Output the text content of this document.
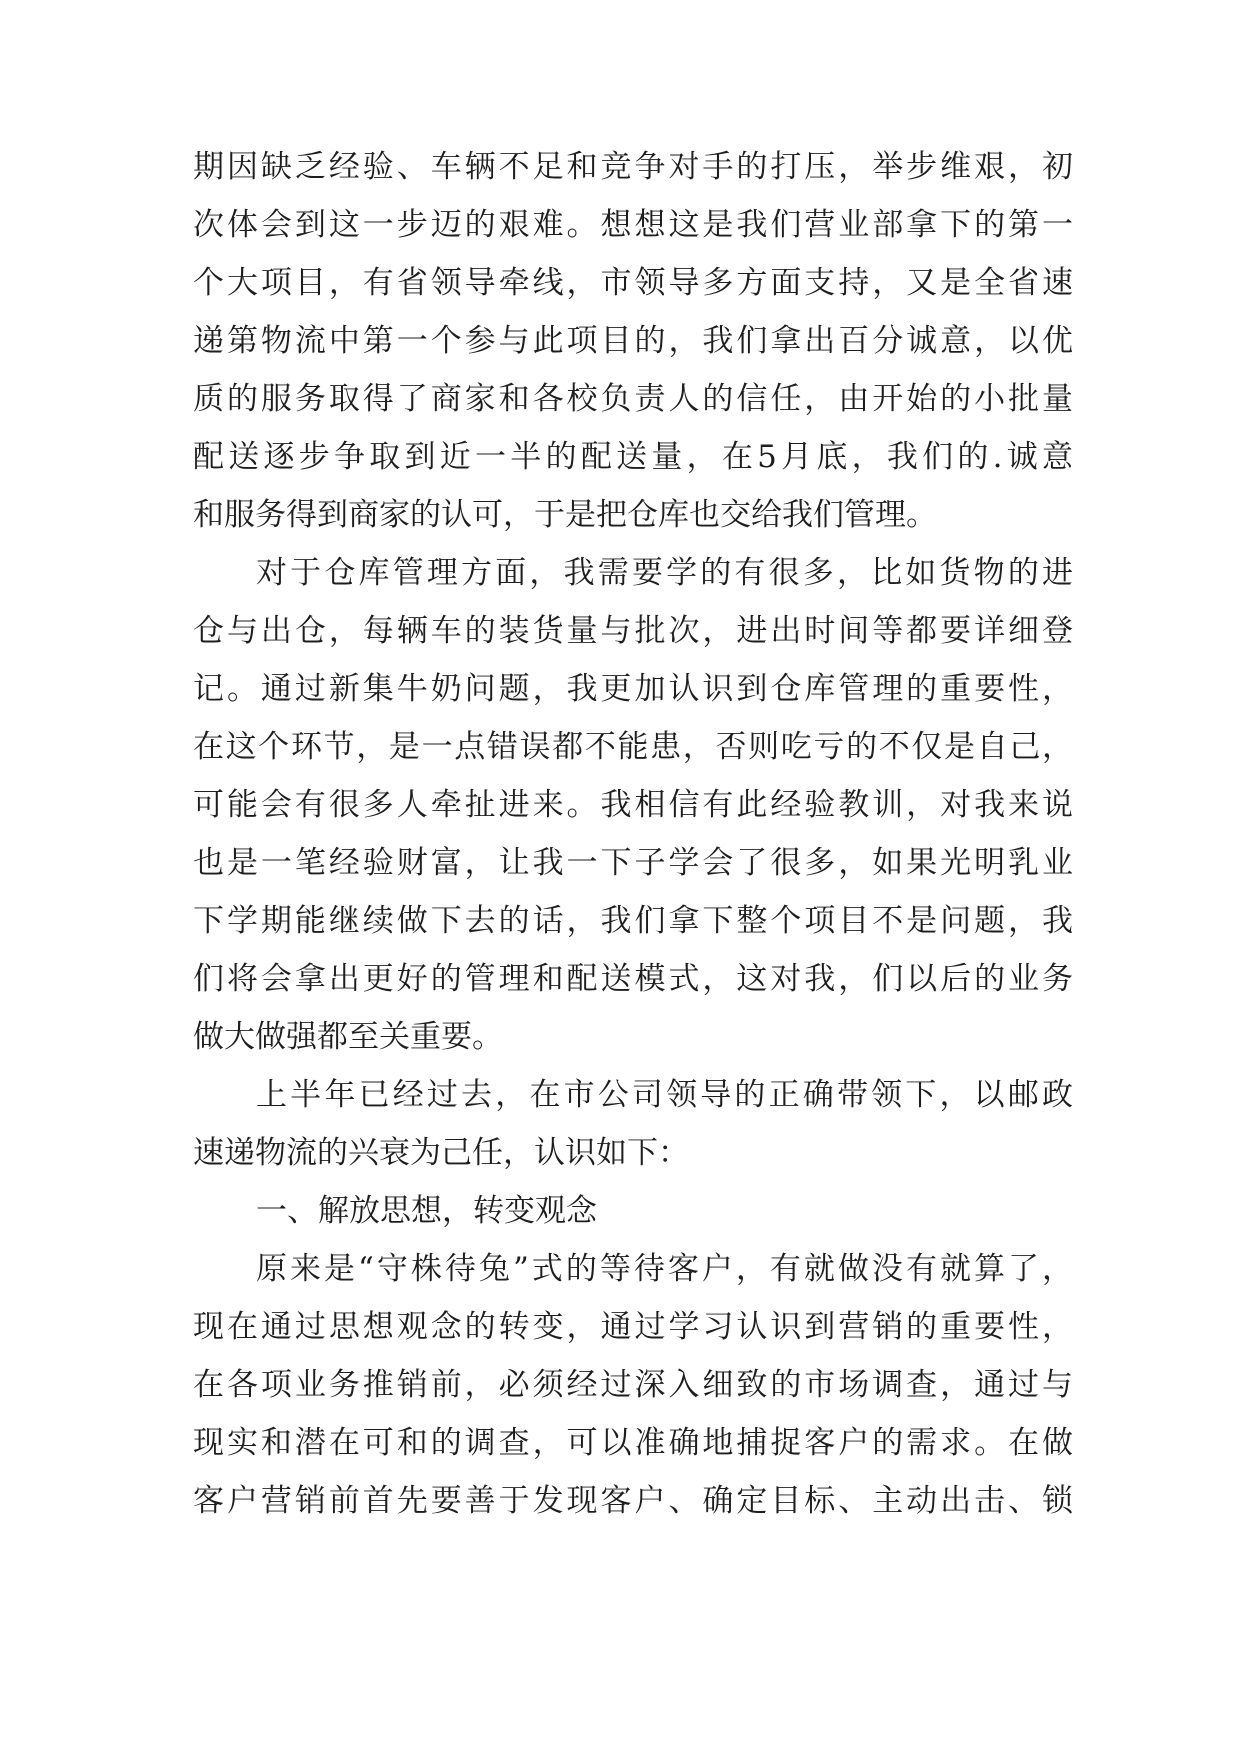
期因缺乏经验、车辆不足和竞争对手的打压，举步维艰，初
次体会到这一步迈的艰难。想想这是我们营业部拿下的第一
个大项目，有省领导牵线，市领导多方面支持，又是全省速
递第物流中第一个参与此项目的，我们拿出百分诚意，以优
质的服务取得了商家和各校负责人的信任，由开始的小批量
配送逐步争取到近一半的配送量，在5月底，我们的.诚意
和服务得到商家的认可，于是把仓库也交给我们管理。
对于仓库管理方面，我需要学的有很多，比如货物的进
仓与出仓，每辆车的装货量与批次，进出时间等都要详细登
记。通过新集牛奶问题，我更加认识到仓库管理的重要性，
在这个环节，是一点错误都不能患，否则吃亏的不仅是自己，
可能会有很多人牵扯进来。我相信有此经验教训，对我来说
也是一笔经验财富，让我一下子学会了很多，如果光明乳业
下学期能继续做下去的话，我们拿下整个项目不是问题，我
们将会拿出更好的管理和配送模式，这对我，们以后的业务
做大做强都至关重要。
上半年已经过去，在市公司领导的正确带领下，以邮政
速递物流的兴衰为己任，认识如下：
一、解放思想，转变观念
原来是“守株待兔”式的等待客户，有就做没有就算了，
现在通过思想观念的转变，通过学习认识到营销的重要性，
在各项业务推销前，必须经过深入细致的市场调查，通过与
现实和潜在可和的调查，可以准确地捕捉客户的需求。在做
客户营销前首先要善于发现客户、确定目标、主动出击、锁
